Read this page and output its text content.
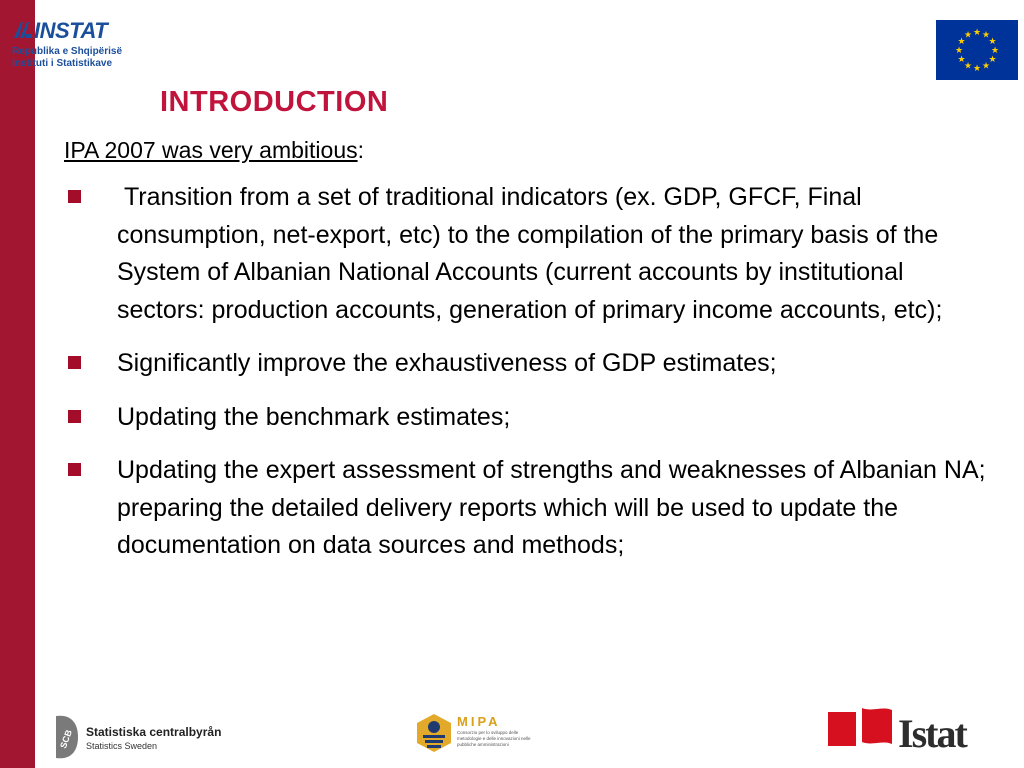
INSTAT
Republika e Shqipërisë
Instituti i Statistikave
★ ★
★
★
★
★
★
★
★
★
★
★
INTRODUCTION

IPA 2007 was very ambitious:

Transition from a set of traditional indicators (ex. GDP, GFCF, Final consumption, net-export, etc) to the compilation of the primary basis of the System of Albanian National Accounts (current accounts by institutional sectors: production accounts, generation of primary income accounts, etc);
Significantly improve the exhaustiveness of GDP estimates;
Updating the benchmark estimates;
Updating the expert assessment of strengths and weaknesses of Albanian NA; preparing the detailed delivery reports which will be used to update the documentation on data sources and methods;
SCB Statistiska centralbyrån
Statistics Sweden
MIPA
Consorzio per lo sviluppo delle metodologie e delle innovazioni nelle pubbliche amministrazioni	Istat
